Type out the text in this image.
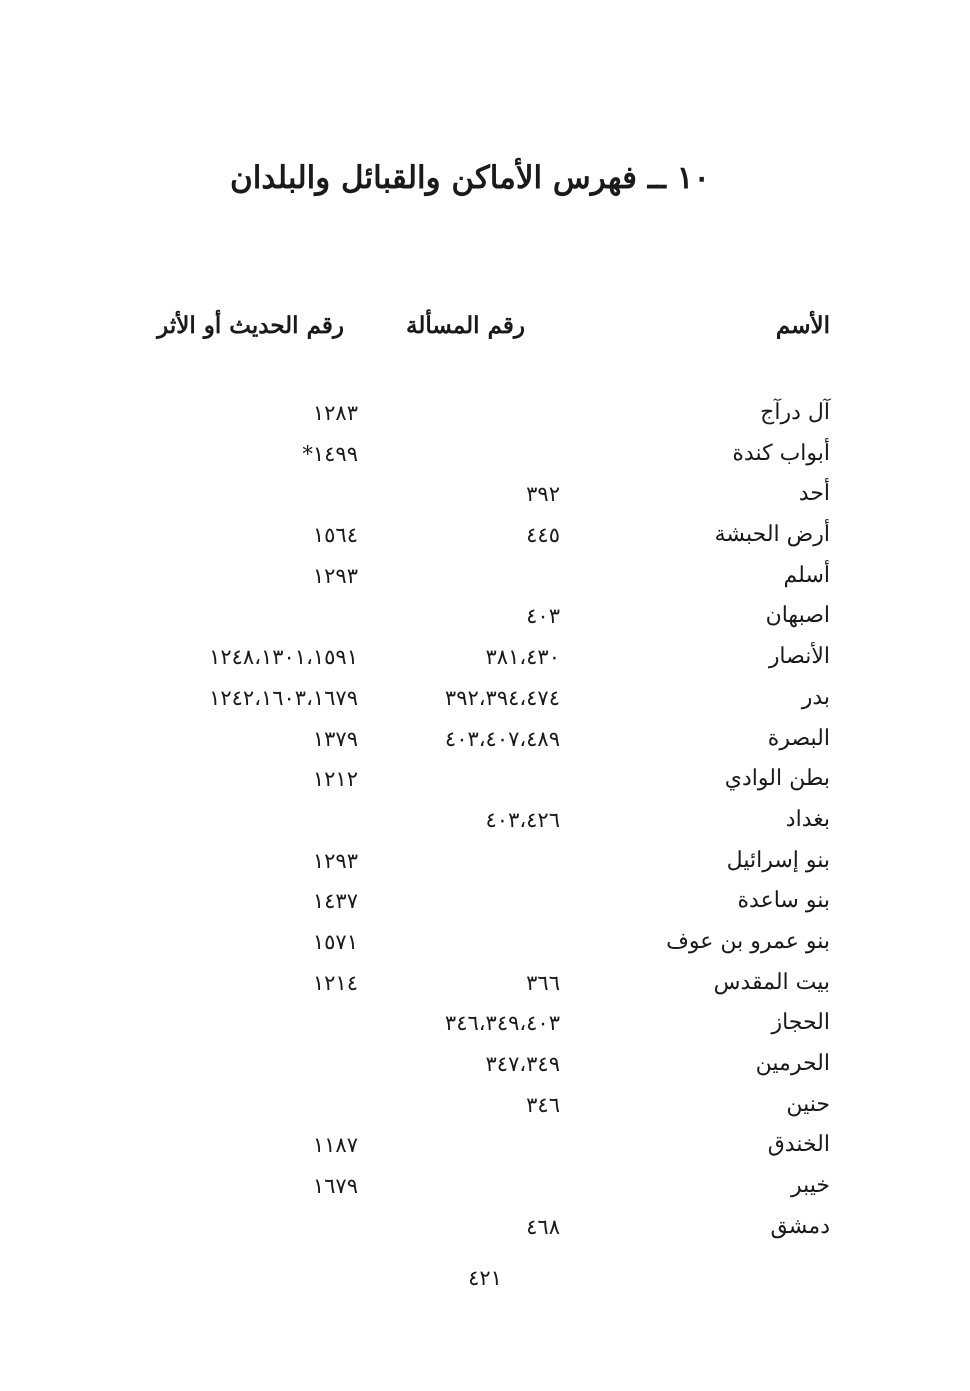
١٠ ــ فهرس الأماكن والقبائل والبلدان
الأسم
رقم المسألة
رقم الحديث أو الأثر
آل درآج
١٢٨٣
أبواب كندة
١٤٩٩*
أحد
٣٩٢
أرض الحبشة
٤٤٥
١٥٦٤
أسلم
١٢٩٣
اصبهان
٤٠٣
الأنصار
٣٨١،٤٣٠
١٢٤٨،١٣٠١،١٥٩١
بدر
٣٩٢،٣٩٤،٤٧٤
١٢٤٢،١٦٠٣،١٦٧٩
البصرة
٤٠٣،٤٠٧،٤٨٩
١٣٧٩
بطن الوادي
١٢١٢
بغداد
٤٠٣،٤٢٦
بنو إسرائيل
١٢٩٣
بنو ساعدة
١٤٣٧
بنو عمرو بن عوف
١٥٧١
بيت المقدس
٣٦٦
١٢١٤
الحجاز
٣٤٦،٣٤٩،٤٠٣
الحرمين
٣٤٧،٣٤٩
حنين
٣٤٦
الخندق
١١٨٧
خيبر
١٦٧٩
دمشق
٤٦٨
٤٢١
